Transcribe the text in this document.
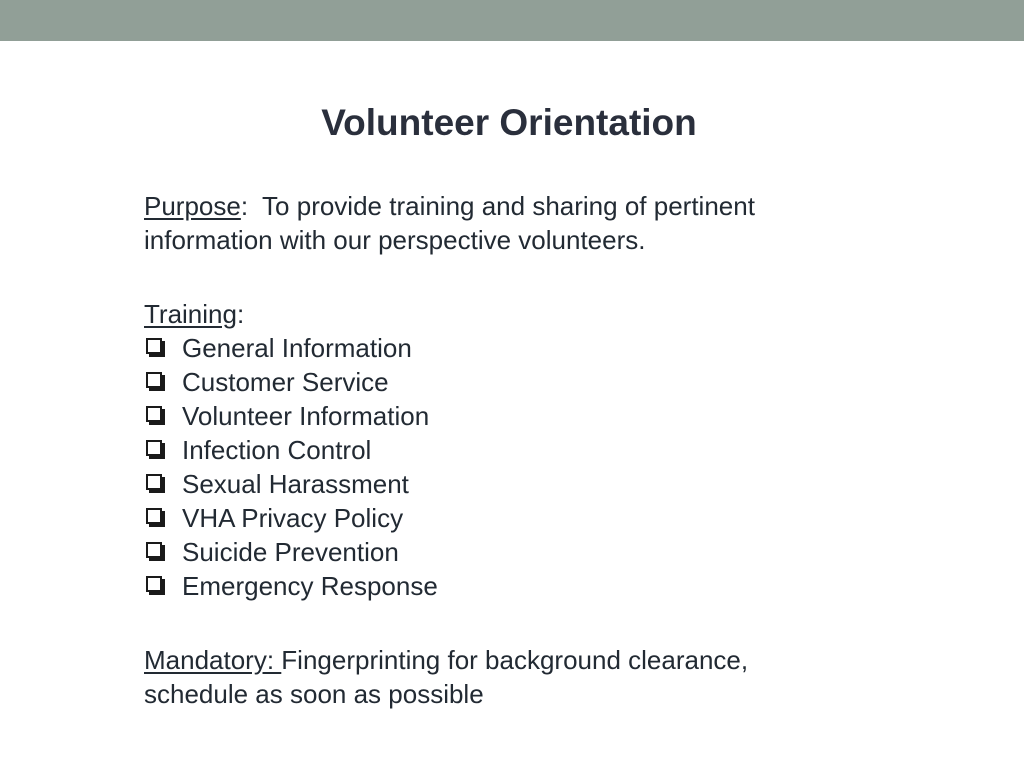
Volunteer Orientation

Purpose:  To provide training and sharing of pertinent
information with our perspective volunteers.

Training:

General Information
Customer Service
Volunteer Information
Infection Control
Sexual Harassment
VHA Privacy Policy
Suicide Prevention
Emergency Response

Mandatory: Fingerprinting for background clearance,
schedule as soon as possible
